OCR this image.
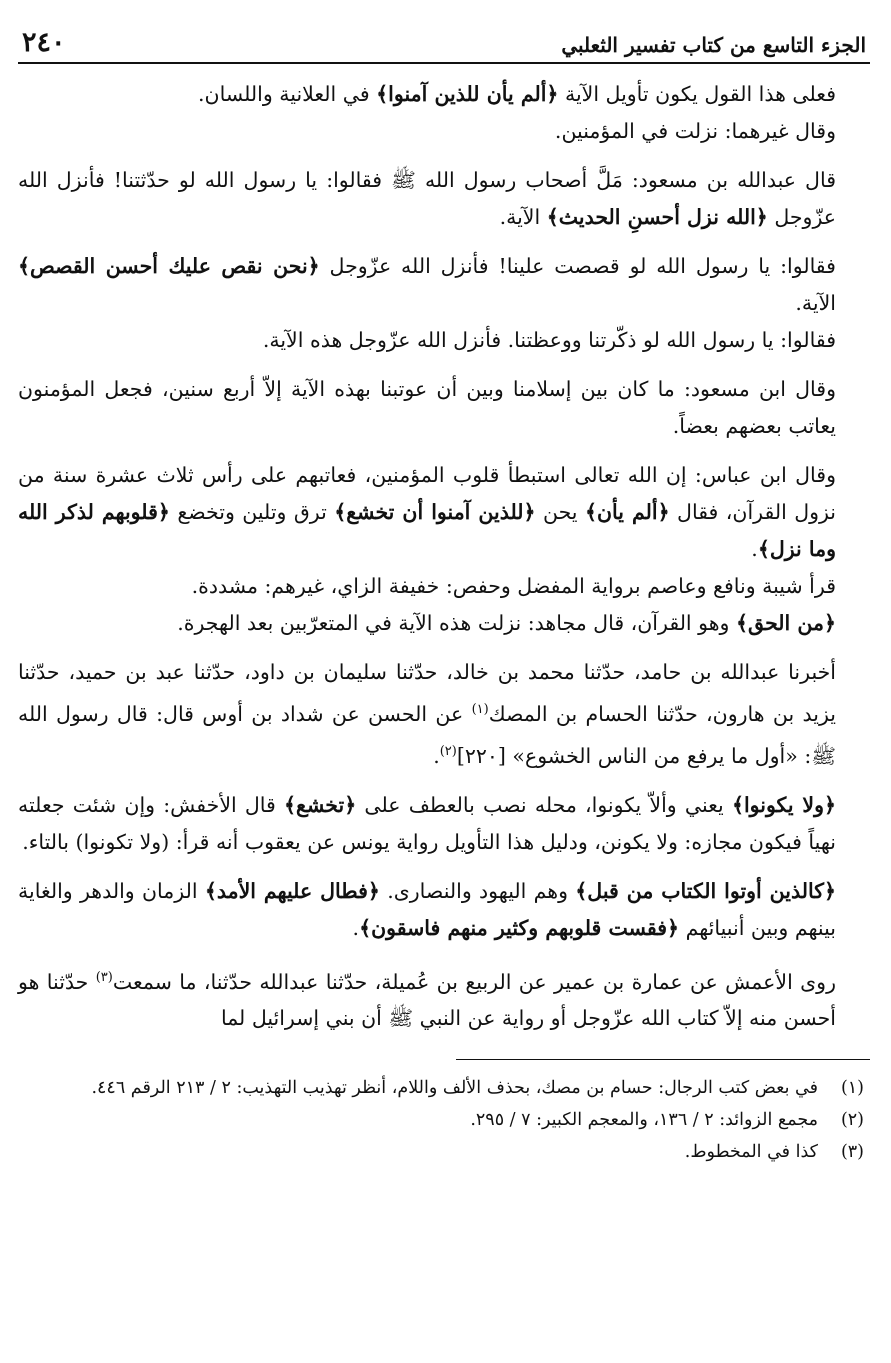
الجزء التاسع من كتاب تفسير الثعلبي
٢٤٠

فعلى هذا القول يكون تأويل الآية ﴿ألم يأن للذين آمنوا﴾ في العلانية واللسان.

وقال غيرهما: نزلت في المؤمنين.

قال عبدالله بن مسعود: مَلَّ أصحاب رسول الله ﷺ فقالوا: يا رسول الله لو حدّثتنا! فأنزل الله عزّوجل ﴿الله نزل أحسنِ الحديث﴾ الآية.

فقالوا: يا رسول الله لو قصصت علينا! فأنزل الله عزّوجل ﴿نحن نقص عليك أحسن القصص﴾ الآية.

فقالوا: يا رسول الله لو ذكّرتنا ووعظتنا. فأنزل الله عزّوجل هذه الآية.

وقال ابن مسعود: ما كان بين إسلامنا وبين أن عوتبنا بهذه الآية إلاّ أربع سنين، فجعل المؤمنون يعاتب بعضهم بعضاً.

وقال ابن عباس: إن الله تعالى استبطأ قلوب المؤمنين، فعاتبهم على رأس ثلاث عشرة سنة من نزول القرآن، فقال ﴿ألم يأن﴾ يحن ﴿للذين آمنوا أن تخشع﴾ ترق وتلين وتخضع ﴿قلوبهم لذكر الله وما نزل﴾.

قرأ شيبة ونافع وعاصم برواية المفضل وحفص: خفيفة الزاي، غيرهم: مشددة.

﴿من الحق﴾ وهو القرآن، قال مجاهد: نزلت هذه الآية في المتعرّبين بعد الهجرة.

أخبرنا عبدالله بن حامد، حدّثنا محمد بن خالد، حدّثنا سليمان بن داود، حدّثنا عبد بن حميد، حدّثنا يزيد بن هارون، حدّثنا الحسام بن المصك$^{(١)}$ عن الحسن عن شداد بن أوس قال: قال رسول الله ﷺ: «أول ما يرفع من الناس الخشوع» [٢٢٠]$^{(٢)}$.

﴿ولا يكونوا﴾ يعني وألاّ يكونوا، محله نصب بالعطف على ﴿تخشع﴾ قال الأخفش: وإن شئت جعلته نهياً فيكون مجازه: ولا يكونن، ودليل هذا التأويل رواية يونس عن يعقوب أنه قرأ: (ولا تكونوا) بالتاء.

﴿كالذين أوتوا الكتاب من قبل﴾ وهم اليهود والنصارى. ﴿فطال عليهم الأمد﴾ الزمان والدهر والغاية بينهم وبين أنبيائهم ﴿فقست قلوبهم وكثير منهم فاسقون﴾.

روى الأعمش عن عمارة بن عمير عن الربيع بن عُميلة، حدّثنا عبدالله حدّثنا، ما سمعت$^{(٣)}$ حدّثنا هو أحسن منه إلاّ كتاب الله عزّوجل أو رواية عن النبي ﷺ أن بني إسرائيل لما

(١)
في بعض كتب الرجال: حسام بن مصك، بحذف الألف واللام، أنظر تهذيب التهذيب: ٢ / ٢١٣ الرقم ٤٤٦.
(٢)
مجمع الزوائد: ٢ / ١٣٦، والمعجم الكبير: ٧ / ٢٩٥.
(٣)
كذا في المخطوط.
